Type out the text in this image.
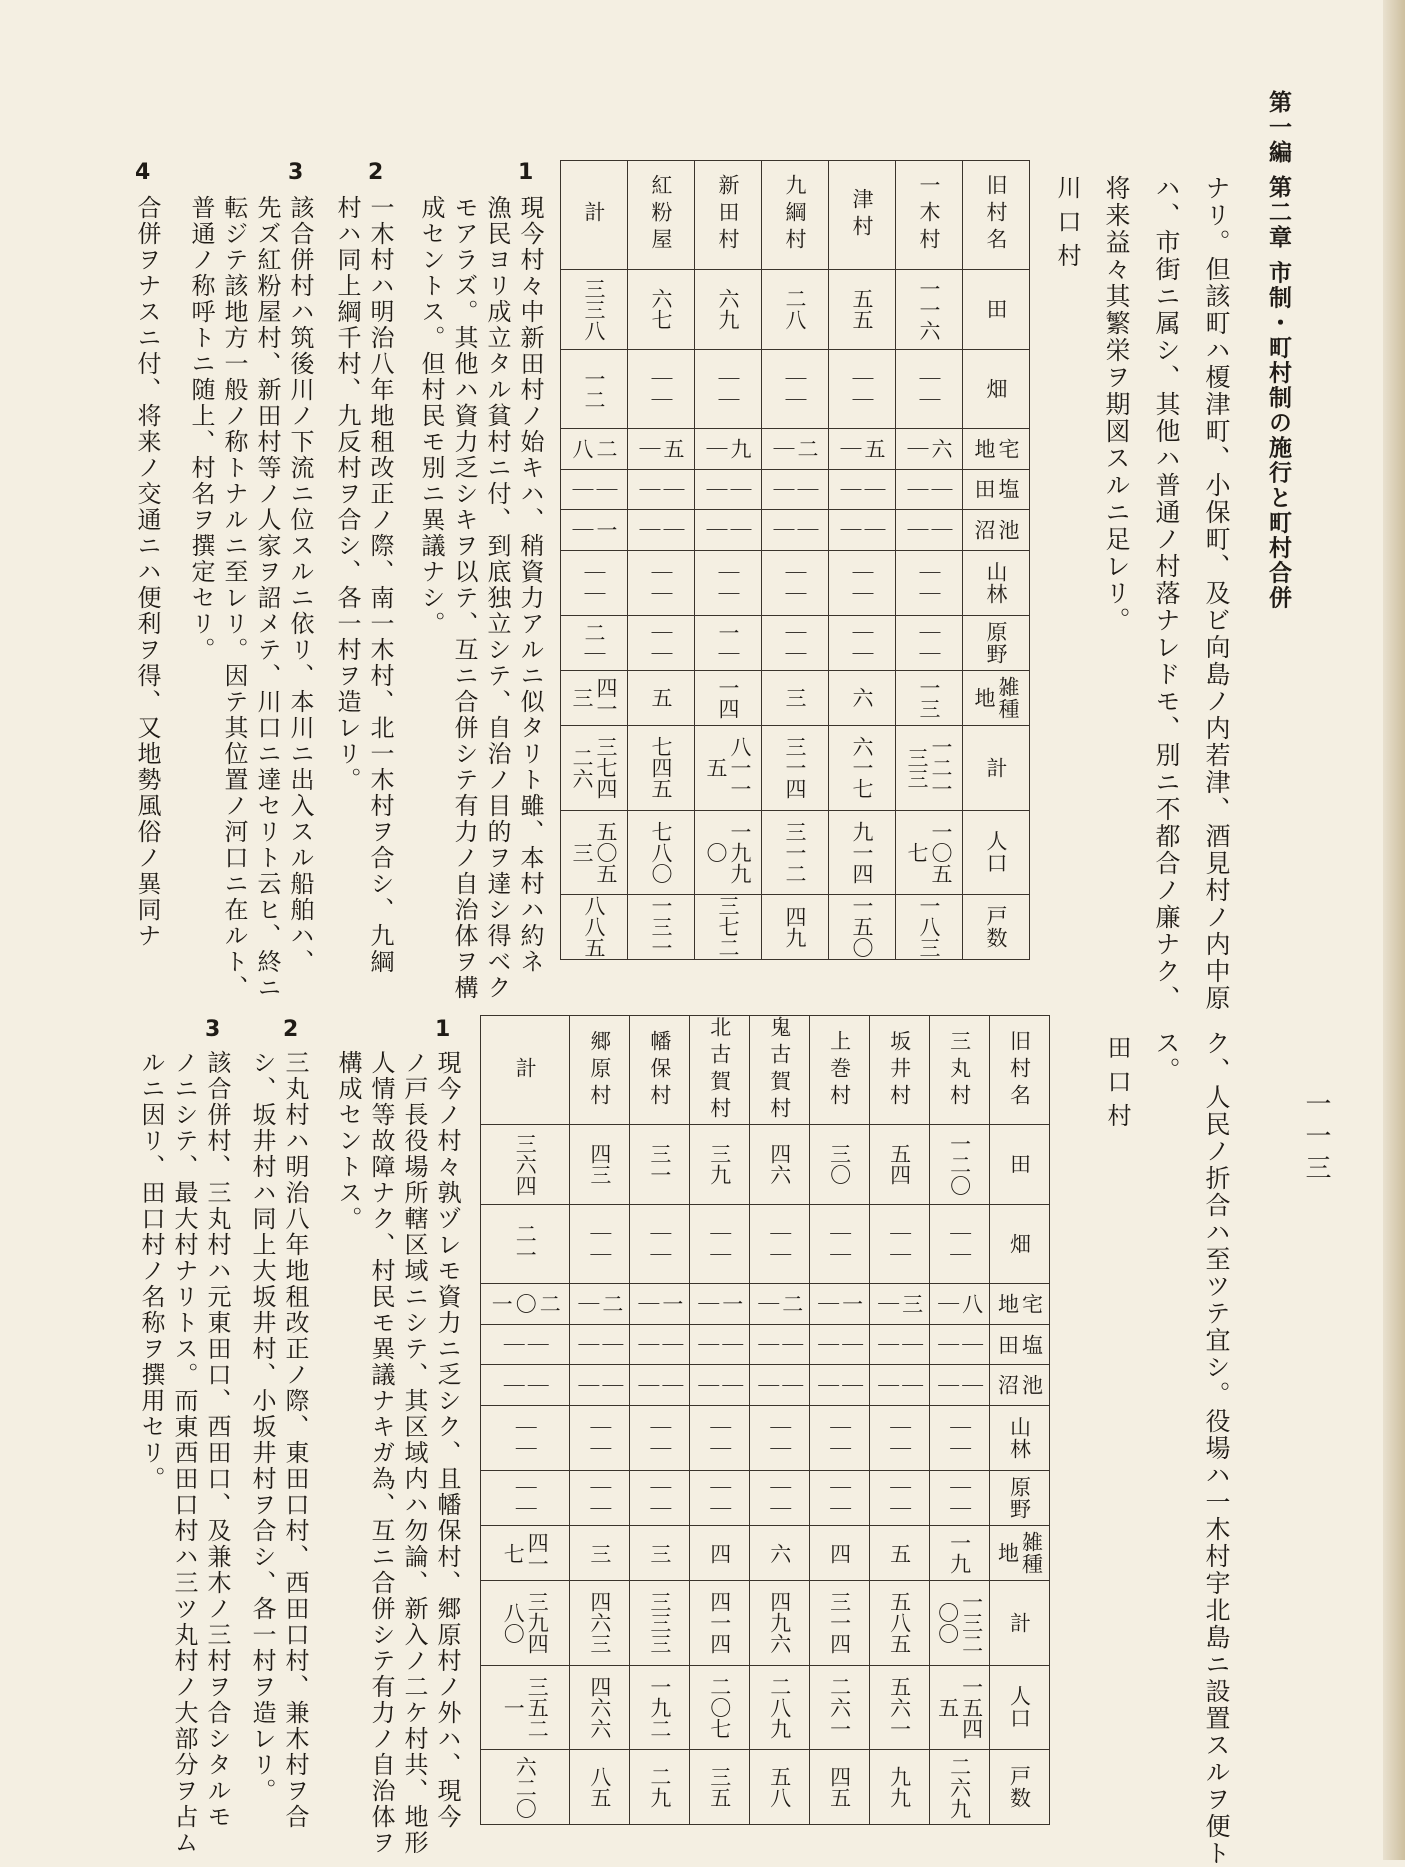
第一編 第二章 市制・町村制の施行と町村合併
一一三
ナリ。但該町ハ榎津町、小保町、及ビ向島ノ内若津、酒見村ノ内中原
ハ、市街ニ属シ、其他ハ普通ノ村落ナレドモ、別ニ不都合ノ廉ナク、
将来益々其繁栄ヲ期図スルニ足レリ。
川口村
旧村名	田	畑	宅地	塩田	池沼	山林	原野	雑種地	計	人口	戸数
一木村	一一六	｜｜	六｜	｜｜	｜｜	｜｜	｜｜	一三	一二一三三	一〇五七	一八三
津村	五五	｜｜	五｜	｜｜	｜｜	｜｜	｜｜	六	六一七	九一四	一五〇
九綱村	二八	｜｜	二｜	｜｜	｜｜	｜｜	｜｜	三	三一四	三一二	四九
新田村	六九	｜｜	九｜	｜｜	｜｜	｜｜	一｜	一四	八一一五	一九九〇	三七二
紅粉屋	六七	｜｜	五｜	｜｜	｜｜	｜｜	｜｜	五	七四五	七八〇	一三一
計	三三八	一二	二八	｜｜	一｜	｜｜	二｜	四一三	三七四二六	五〇五三	八八五
1
現今村々中新田村ノ始キハ、稍資力アルニ似タリト雖、本村ハ約ネ
漁民ヨリ成立タル貧村ニ付、到底独立シテ、自治ノ目的ヲ達シ得ベク
モアラズ。其他ハ資力乏シキヲ以テ、互ニ合併シテ有力ノ自治体ヲ構
成セントス。但村民モ別ニ異議ナシ。
2
一木村ハ明治八年地租改正ノ際、南一木村、北一木村ヲ合シ、九綱
村ハ同上綱千村、九反村ヲ合シ、各一村ヲ造レリ。
3
該合併村ハ筑後川ノ下流ニ位スルニ依リ、本川ニ出入スル船舶ハ、
先ズ紅粉屋村、新田村等ノ人家ヲ詔メテ、川口ニ達セリト云ヒ、終ニ
転ジテ該地方一般ノ称トナルニ至レリ。因テ其位置ノ河口ニ在ルト、
4
普通ノ称呼トニ随上、村名ヲ撰定セリ。
合併ヲナスニ付、将来ノ交通ニハ便利ヲ得、又地勢風俗ノ異同ナ
ク、人民ノ折合ハ至ツテ宜シ。役場ハ一木村宇北島ニ設置スルヲ便ト
ス。
田口村
旧村名	田	畑	宅地	塩田	池沼	山林	原野	雑種地	計	人口	戸数
三丸村	一二〇	｜｜	八｜	｜｜	｜｜	｜｜	｜｜	一九	一三二〇〇	一五四五	二六九
坂井村	五四	｜｜	三｜	｜｜	｜｜	｜｜	｜｜	五	五八五	五六一	九九
上巻村	三〇	｜｜	一｜	｜｜	｜｜	｜｜	｜｜	四	三一四	二六一	四五
鬼古賀村	四六	｜｜	二｜	｜｜	｜｜	｜｜	｜｜	六	四九六	二八九	五八
北古賀村	三九	｜｜	一｜	｜｜	｜｜	｜｜	｜｜	四	四一四	二〇七	三五
幡保村	三一	｜｜	一｜	｜｜	｜｜	｜｜	｜｜	三	三三三	一九二	二九
郷原村	四三	｜｜	二｜	｜｜	｜｜	｜｜	｜｜	三	四六三	四六六	八五
計	三六四	二一	二〇一	｜｜	｜｜	｜｜	｜｜	四一七	三九四八〇	三五二一	六二〇
1
現今ノ村々孰ヅレモ資力ニ乏シク、且幡保村、郷原村ノ外ハ、現今
ノ戸長役場所轄区域ニシテ、其区域内ハ勿論、新入ノ二ケ村共、地形
人情等故障ナク、村民モ異議ナキガ為、互ニ合併シテ有力ノ自治体ヲ
構成セントス。
2
三丸村ハ明治八年地租改正ノ際、東田口村、西田口村、兼木村ヲ合
シ、坂井村ハ同上大坂井村、小坂井村ヲ合シ、各一村ヲ造レリ。
3
該合併村、三丸村ハ元東田口、西田口、及兼木ノ三村ヲ合シタルモ
ノニシテ、最大村ナリトス。而東西田口村ハ三ツ丸村ノ大部分ヲ占ム
ルニ因リ、田口村ノ名称ヲ撰用セリ。
